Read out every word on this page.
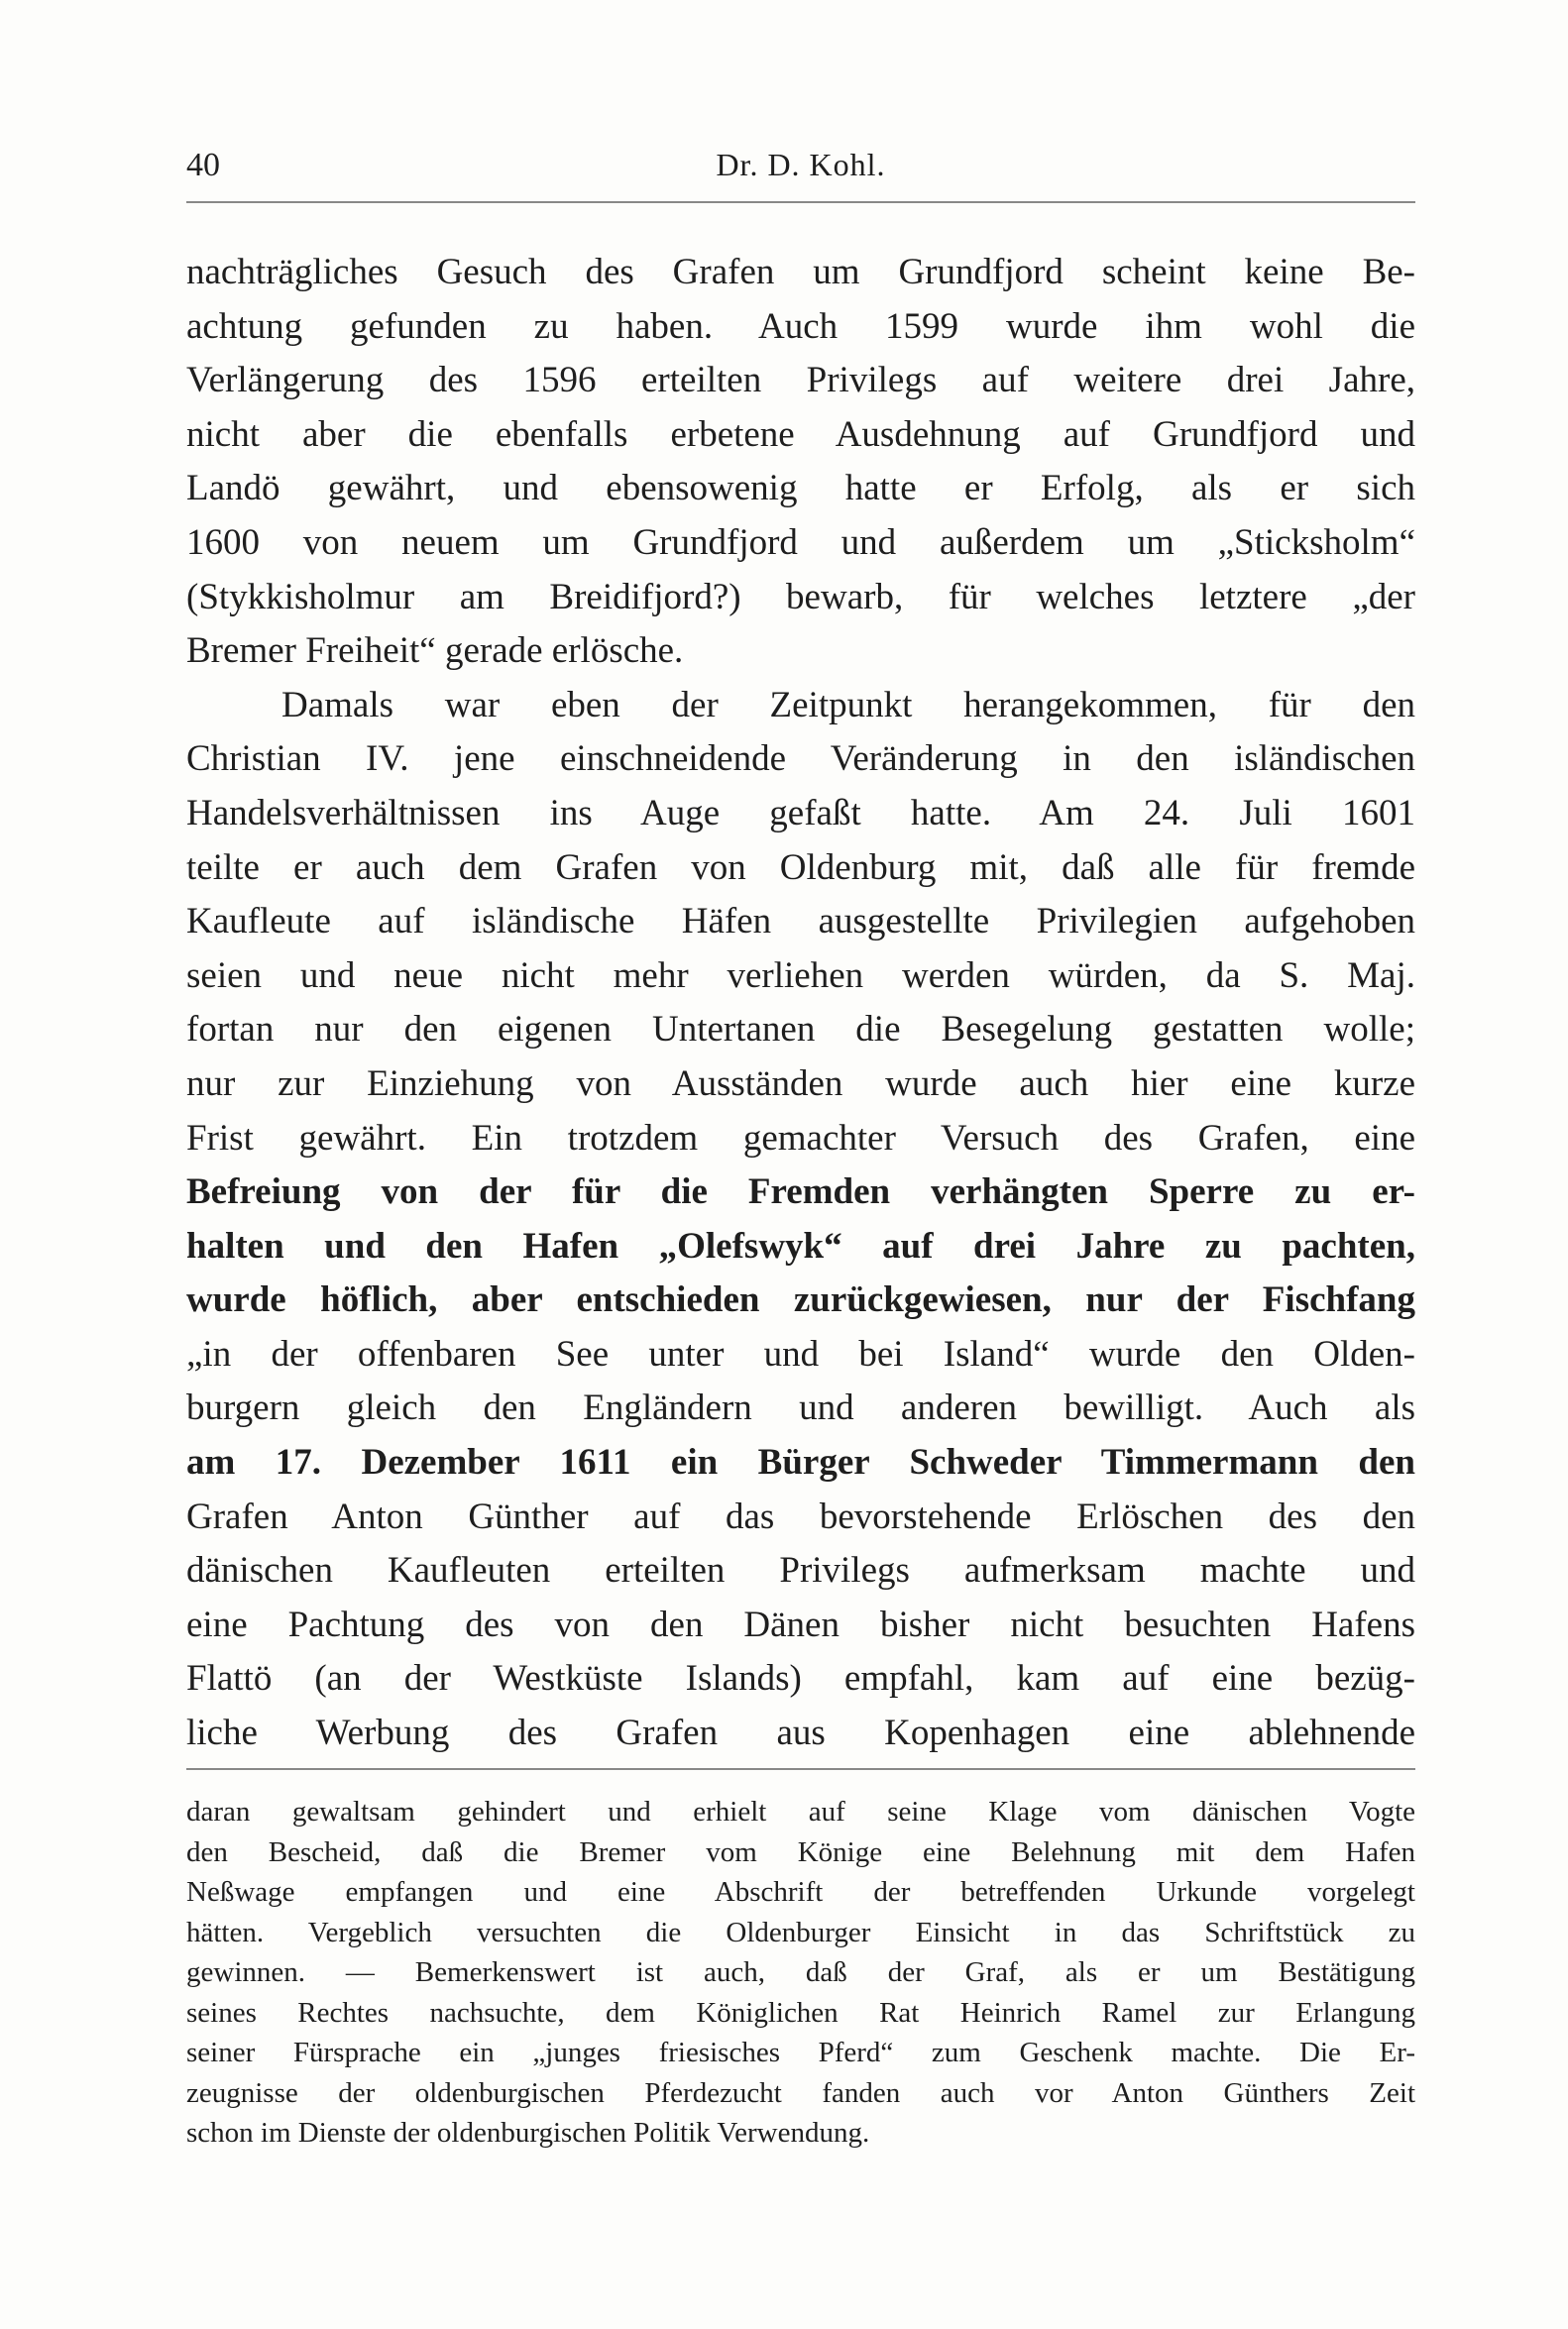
40	Dr. D. Kohl.
nachträgliches Gesuch des Grafen um Grundfjord scheint keine Be-
achtung gefunden zu haben. Auch 1599 wurde ihm wohl die
Verlängerung des 1596 erteilten Privilegs auf weitere drei Jahre,
nicht aber die ebenfalls erbetene Ausdehnung auf Grundfjord und
Landö gewährt, und ebensowenig hatte er Erfolg, als er sich
1600 von neuem um Grundfjord und außerdem um „Sticksholm“
(Stykkisholmur am Breidifjord?) bewarb, für welches letztere „der
Bremer Freiheit“ gerade erlösche.
Damals war eben der Zeitpunkt herangekommen, für den
Christian IV. jene einschneidende Veränderung in den isländischen
Handelsverhältnissen ins Auge gefaßt hatte. Am 24. Juli 1601
teilte er auch dem Grafen von Oldenburg mit, daß alle für fremde
Kaufleute auf isländische Häfen ausgestellte Privilegien aufgehoben
seien und neue nicht mehr verliehen werden würden, da S. Maj.
fortan nur den eigenen Untertanen die Besegelung gestatten wolle;
nur zur Einziehung von Ausständen wurde auch hier eine kurze
Frist gewährt. Ein trotzdem gemachter Versuch des Grafen, eine
Befreiung von der für die Fremden verhängten Sperre zu er-
halten und den Hafen „Olefswyk“ auf drei Jahre zu pachten,
wurde höflich, aber entschieden zurückgewiesen, nur der Fischfang
„in der offenbaren See unter und bei Island“ wurde den Olden-
burgern gleich den Engländern und anderen bewilligt. Auch als
am 17. Dezember 1611 ein Bürger Schweder Timmermann den
Grafen Anton Günther auf das bevorstehende Erlöschen des den
dänischen Kaufleuten erteilten Privilegs aufmerksam machte und
eine Pachtung des von den Dänen bisher nicht besuchten Hafens
Flattö (an der Westküste Islands) empfahl, kam auf eine bezüg-
liche Werbung des Grafen aus Kopenhagen eine ablehnende
daran gewaltsam gehindert und erhielt auf seine Klage vom dänischen Vogte
den Bescheid, daß die Bremer vom Könige eine Belehnung mit dem Hafen
Neßwage empfangen und eine Abschrift der betreffenden Urkunde vorgelegt
hätten. Vergeblich versuchten die Oldenburger Einsicht in das Schriftstück zu
gewinnen. — Bemerkenswert ist auch, daß der Graf, als er um Bestätigung
seines Rechtes nachsuchte, dem Königlichen Rat Heinrich Ramel zur Erlangung
seiner Fürsprache ein „junges friesisches Pferd“ zum Geschenk machte. Die Er-
zeugnisse der oldenburgischen Pferdezucht fanden auch vor Anton Günthers Zeit
schon im Dienste der oldenburgischen Politik Verwendung.
